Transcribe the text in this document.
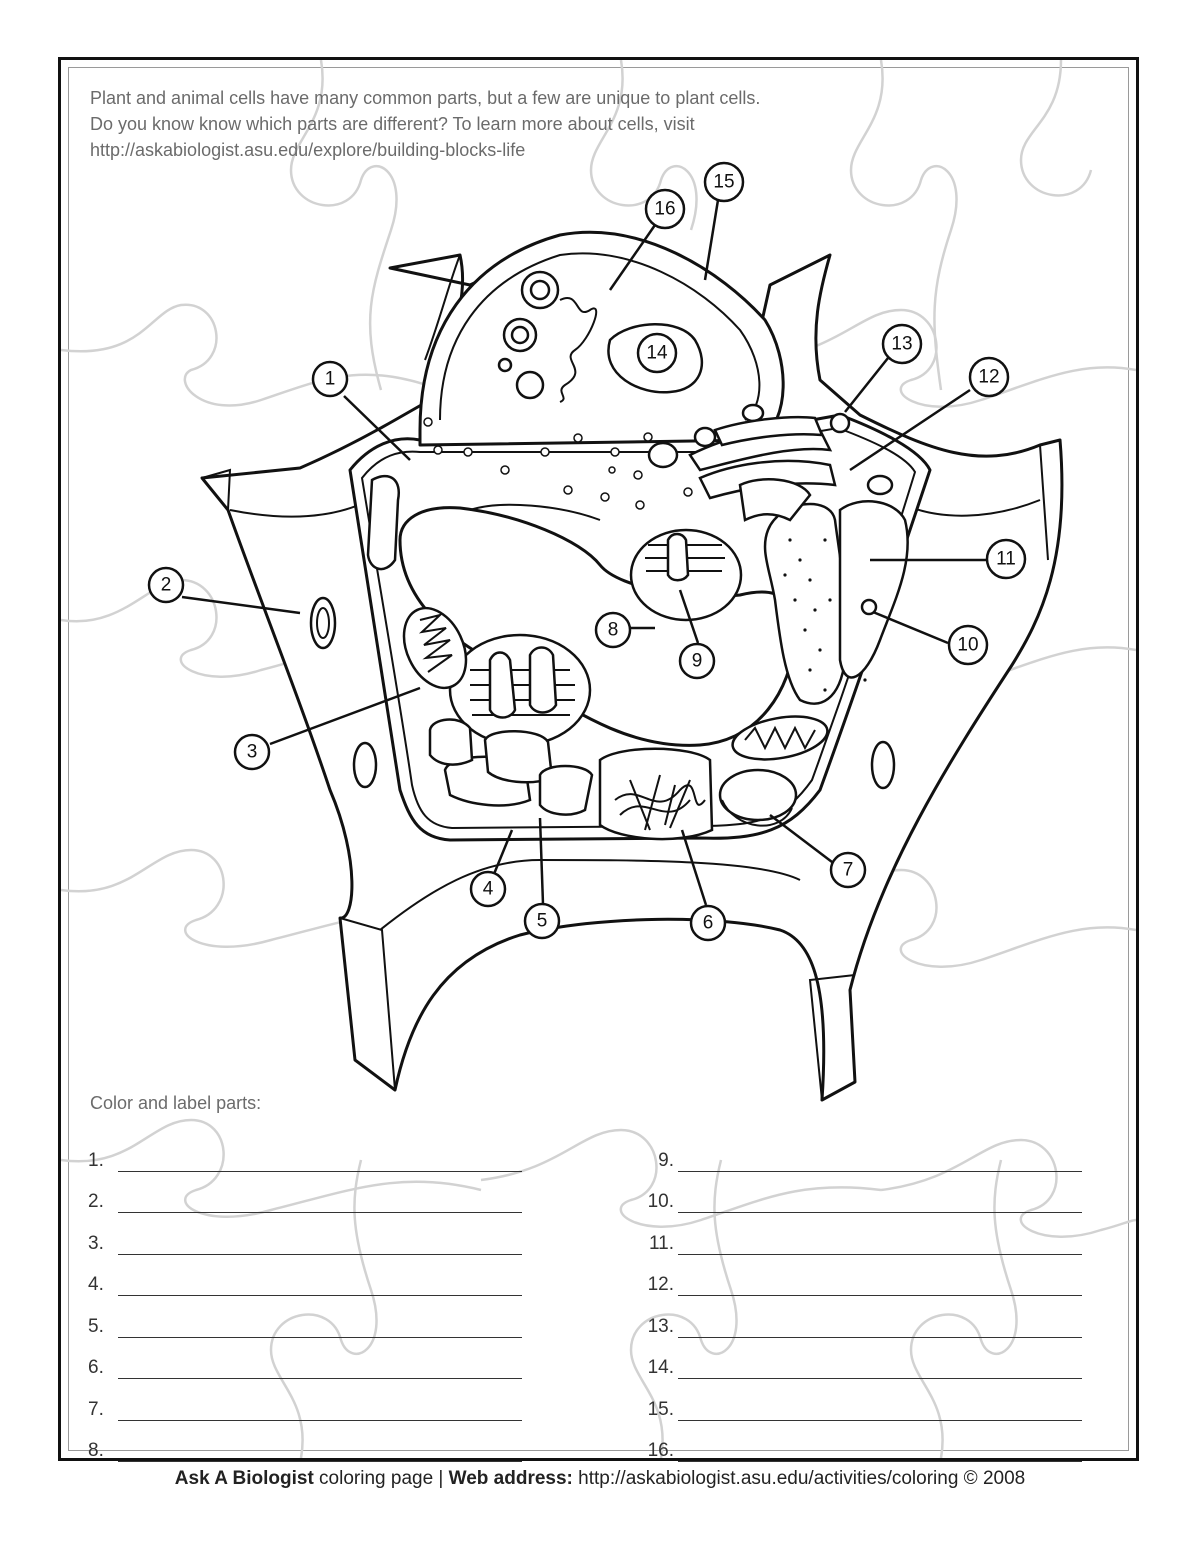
Plant and animal cells have many common parts, but a few are unique to plant cells.
Do you know know which parts are different? To learn more about cells, visit
http://askabiologist.asu.edu/explore/building-blocks-life
1
2
3
4
5	6
7
8
9
10
11
12
13
14
15
16
Color and label parts:
1.
2.
3.
4.
5.
6.
7.
8.
9.
10.
11.
12.
13.
14.
15.
16.
Ask A Biologist coloring page | Web address: http://askabiologist.asu.edu/activities/coloring © 2008
